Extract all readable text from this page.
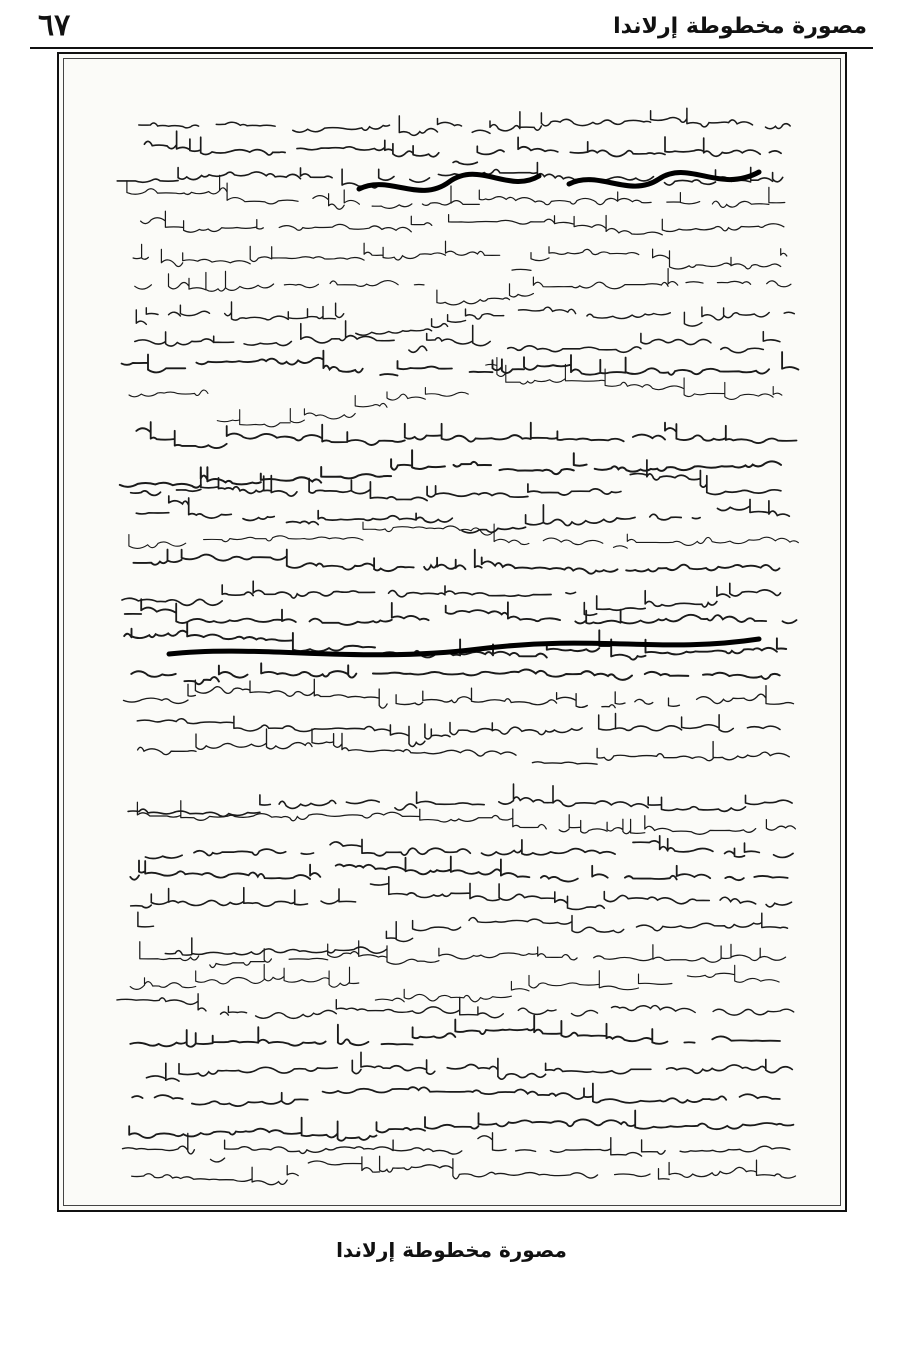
٦٧	مصورة مخطوطة إرلاندا
مصورة مخطوطة إرلاندا
